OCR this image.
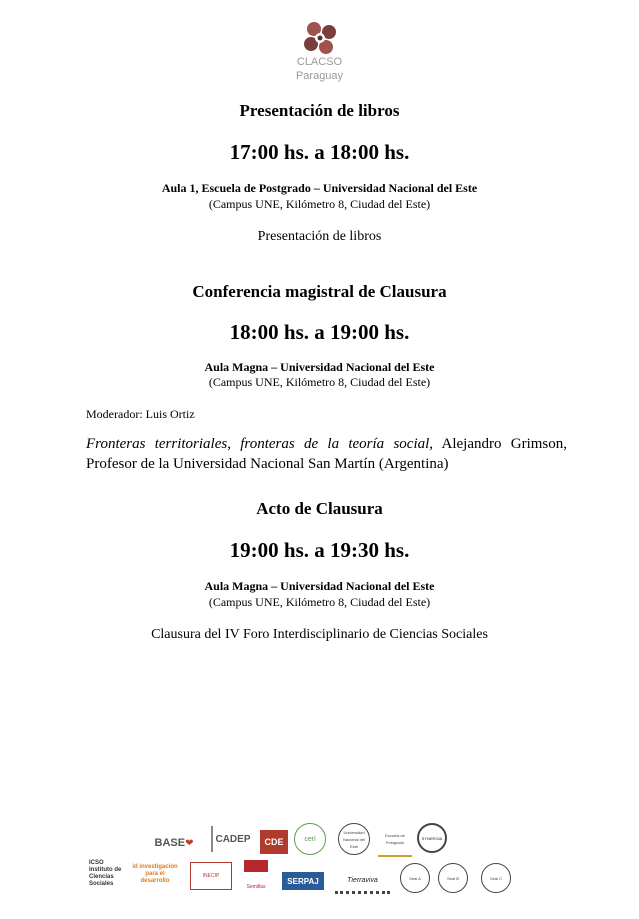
CLACSO
Paraguay
Presentación de libros
17:00 hs. a 18:00 hs.
Aula 1, Escuela de Postgrado – Universidad Nacional del Este
(Campus UNE, Kilómetro 8, Ciudad del Este)
Presentación de libros
Conferencia magistral de Clausura
18:00 hs. a 19:00 hs.
Aula Magna – Universidad Nacional del Este
(Campus UNE, Kilómetro 8, Ciudad del Este)
Moderador: Luis Ortiz
Fronteras territoriales, fronteras de la teoría social, Alejandro Grimson, Profesor de la Universidad Nacional San Martín (Argentina)
Acto de Clausura
19:00 hs. a 19:30 hs.
Aula Magna – Universidad Nacional del Este
(Campus UNE, Kilómetro 8, Ciudad del Este)
Clausura del IV Foro Interdisciplinario de Ciencias Sociales
BASE ❤ CADEP CDE	ceri
Universidad Nacional del Este
Escuela de Postgrado
SYNERGIA
ICSO Instituto de Ciencias Sociales
id investigación para el desarrollo
INECIP
Semillas
SERPAJ	Tierraviva	Seal A	Seal B	Seal C
